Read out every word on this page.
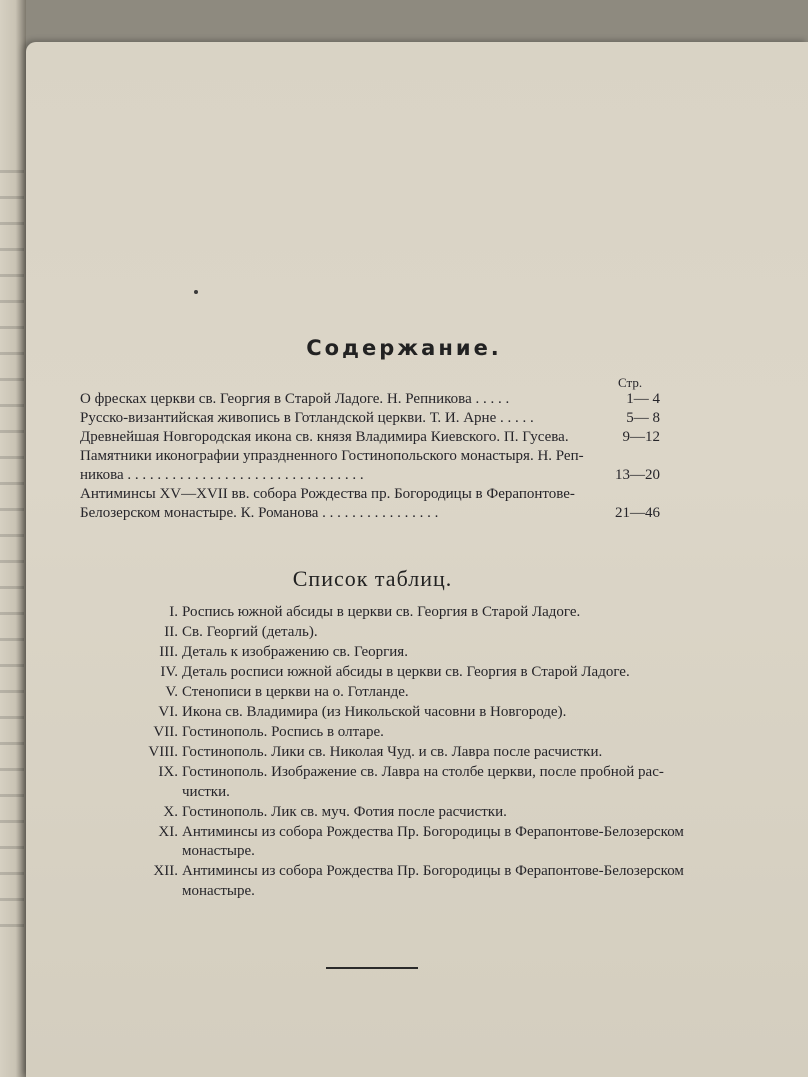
Содержание.
Стр.
О фресках церкви св. Георгия в Старой Ладоге. Н. Репникова . . . . .	1— 4
Русско-византийская живопись в Готландской церкви. Т. И. Арне . . . . .	5— 8
Древнейшая Новгородская икона св. князя Владимира Киевского. П. Гусева.	9—12
Памятники иконографии упраздненного Гостинопольского монастыря. Н. Реп-
никова . . . . . . . . . . . . . . . . . . . . . . . . . . . . . . . .	13—20
Антиминсы XV—XVII вв. собора Рождества пр. Богородицы в Ферапонтове-
Белозерском монастыре. К. Романова . . . . . . . . . . . . . . . .	21—46
Список таблиц.
I. Роспись южной абсиды в церкви св. Георгия в Старой Ладоге.
II. Св. Георгий (деталь).
III. Деталь к изображению св. Георгия.
IV. Деталь росписи южной абсиды в церкви св. Георгия в Старой Ладоге.
V. Стенописи в церкви на о. Готланде.
VI. Икона св. Владимира (из Никольской часовни в Новгороде).
VII. Гостинополь. Роспись в олтаре.
VIII. Гостинополь. Лики св. Николая Чуд. и св. Лавра после расчистки.
IX. Гостинополь. Изображение св. Лавра на столбе церкви, после пробной рас-
чистки.
X. Гостинополь. Лик св. муч. Фотия после расчистки.
XI. Антиминсы из собора Рождества Пр. Богородицы в Ферапонтове-Белозерском
монастыре.
XII. Антиминсы из собора Рождества Пр. Богородицы в Ферапонтове-Белозерском
монастыре.
